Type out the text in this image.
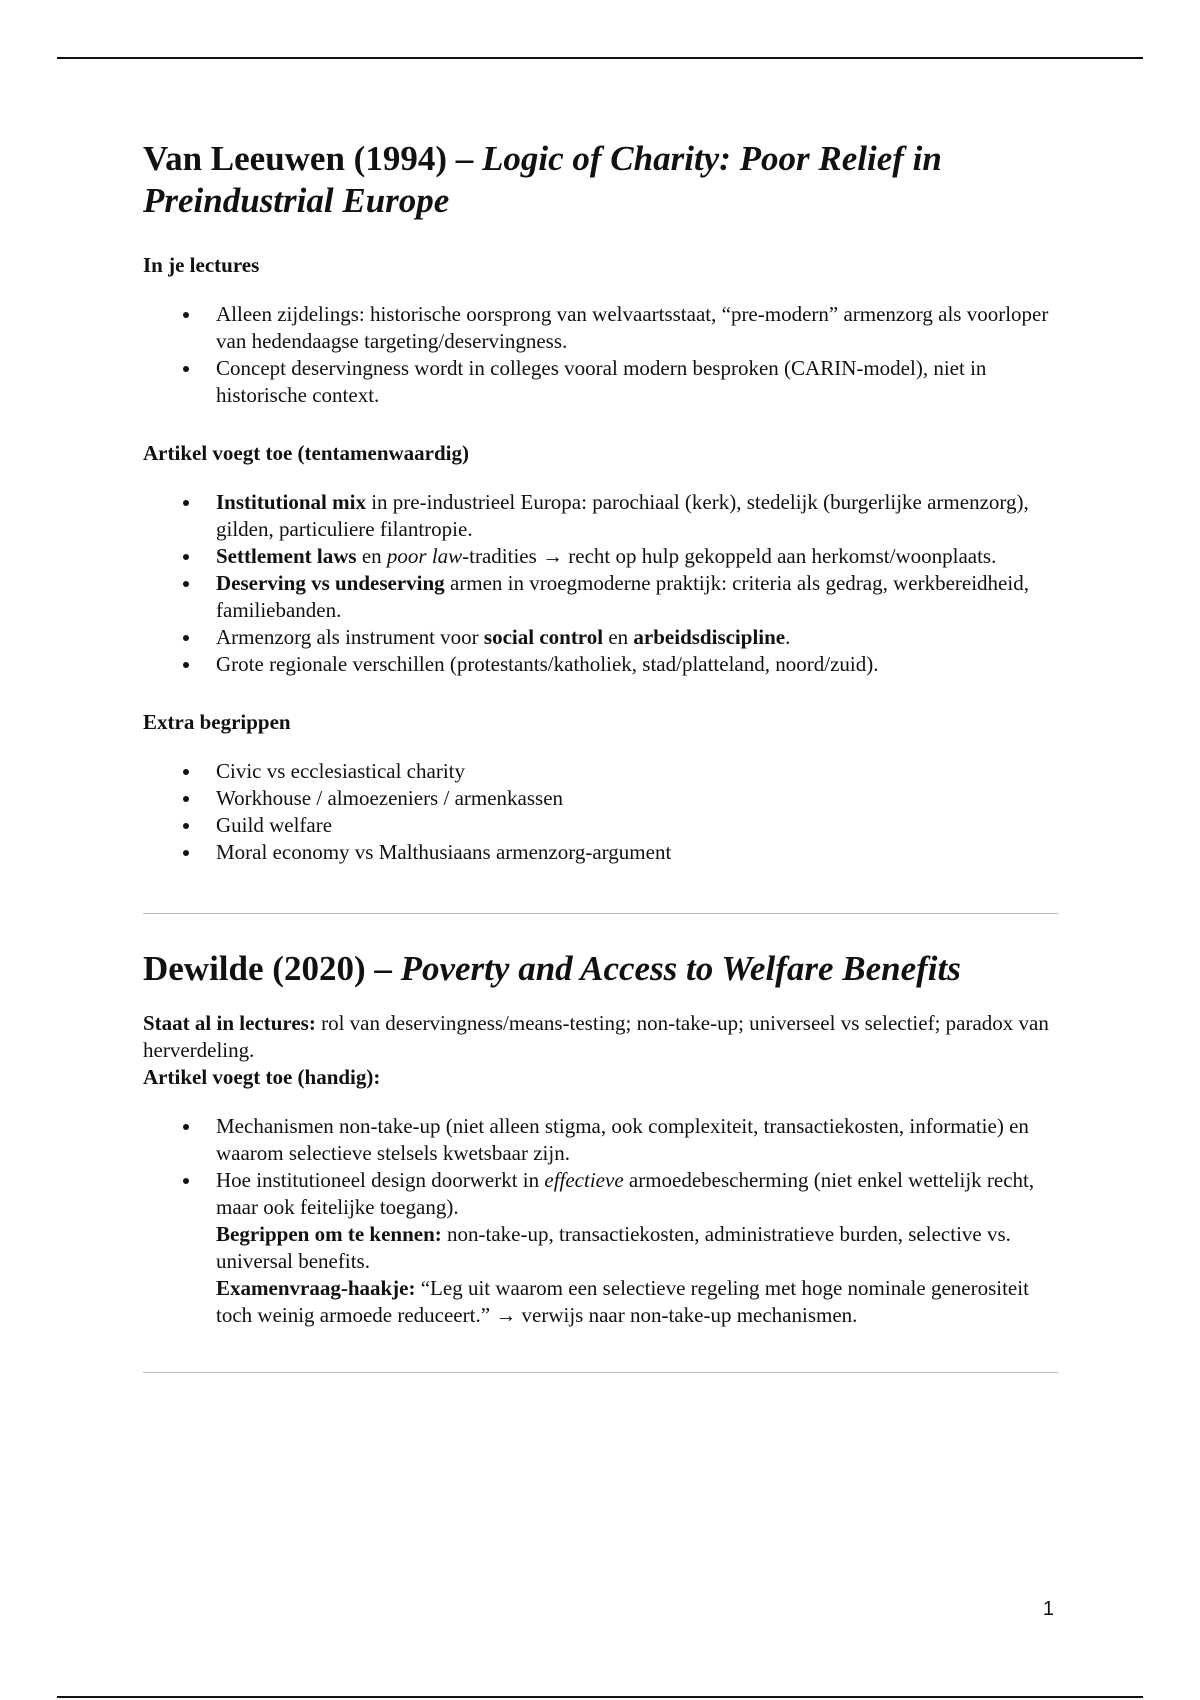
Van Leeuwen (1994) – Logic of Charity: Poor Relief in Preindustrial Europe

In je lectures

Alleen zijdelings: historische oorsprong van welvaartsstaat, “pre-modern” armenzorg als voorloper van hedendaagse targeting/deservingness.
Concept deservingness wordt in colleges vooral modern besproken (CARIN-model), niet in historische context.

Artikel voegt toe (tentamenwaardig)

Institutional mix in pre-industrieel Europa: parochiaal (kerk), stedelijk (burgerlijke armenzorg), gilden, particuliere filantropie.
Settlement laws en poor law-tradities → recht op hulp gekoppeld aan herkomst/woonplaats.
Deserving vs undeserving armen in vroegmoderne praktijk: criteria als gedrag, werkbereidheid, familiebanden.
Armenzorg als instrument voor social control en arbeidsdiscipline.
Grote regionale verschillen (protestants/katholiek, stad/platteland, noord/zuid).

Extra begrippen

Civic vs ecclesiastical charity
Workhouse / almoezeniers / armenkassen
Guild welfare
Moral economy vs Malthusiaans armenzorg-argument
Dewilde (2020) – Poverty and Access to Welfare Benefits

Staat al in lectures: rol van deservingness/means-testing; non-take-up; universeel vs selectief; paradox van herverdeling.

Artikel voegt toe (handig):

Mechanismen non-take-up (niet alleen stigma, ook complexiteit, transactiekosten, informatie) en waarom selectieve stelsels kwetsbaar zijn.
Hoe institutioneel design doorwerkt in effectieve armoedebescherming (niet enkel wettelijk recht, maar ook feitelijke toegang).
Begrippen om te kennen: non-take-up, transactiekosten, administratieve burden, selective vs. universal benefits.
Examenvraag-haakje: “Leg uit waarom een selectieve regeling met hoge nominale generositeit toch weinig armoede reduceert.” → verwijs naar non-take-up mechanismen.
1
